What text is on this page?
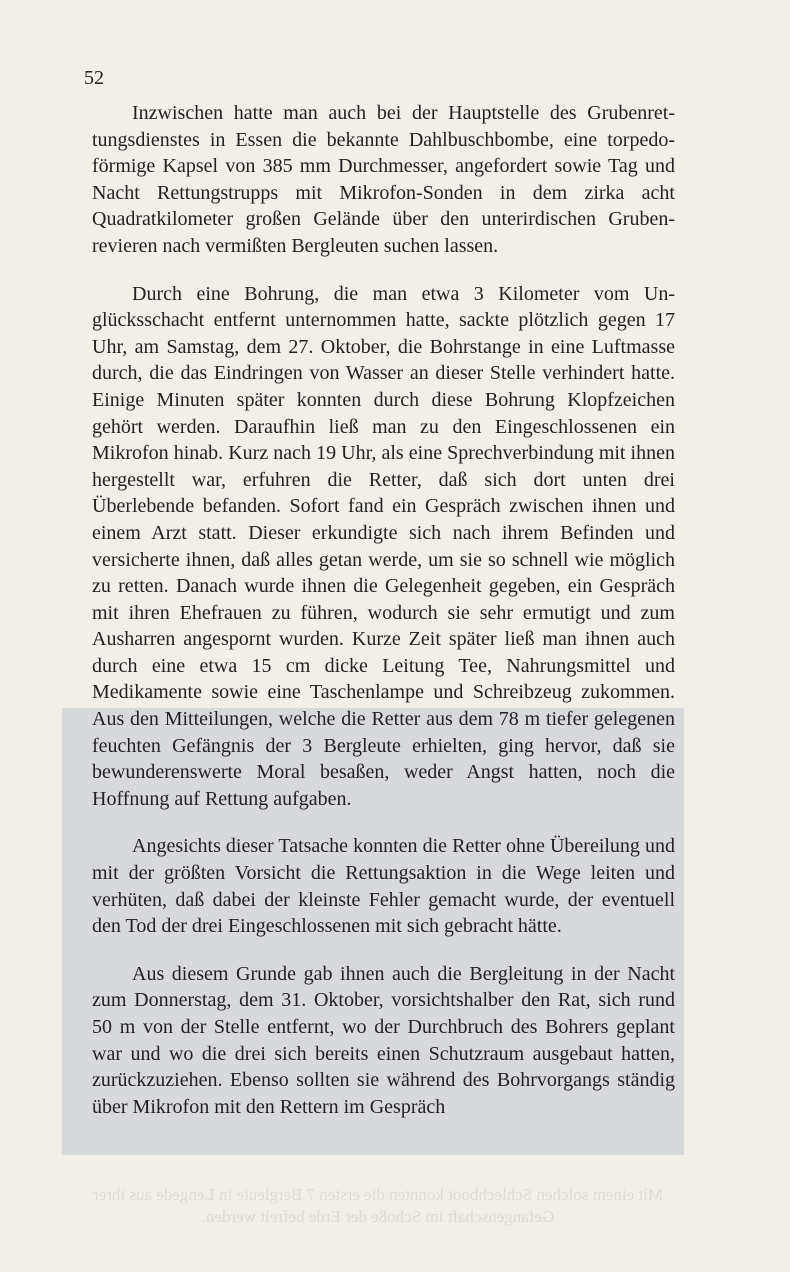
52

Inzwischen hatte man auch bei der Hauptstelle des Grubenrettungsdienstes in Essen die bekannte Dahlbuschbombe, eine torpedoförmige Kapsel von 385 mm Durchmesser, angefordert sowie Tag und Nacht Rettungstrupps mit Mikrofon-Sonden in dem zirka acht Quadratkilometer großen Gelände über den unterirdischen Grubenrevieren nach vermißten Bergleuten suchen lassen.

Durch eine Bohrung, die man etwa 3 Kilometer vom Unglücksschacht entfernt unternommen hatte, sackte plötzlich gegen 17 Uhr, am Samstag, dem 27. Oktober, die Bohrstange in eine Luftmasse durch, die das Eindringen von Wasser an dieser Stelle verhindert hatte. Einige Minuten später konnten durch diese Bohrung Klopfzeichen gehört werden. Daraufhin ließ man zu den Eingeschlossenen ein Mikrofon hinab. Kurz nach 19 Uhr, als eine Sprechverbindung mit ihnen hergestellt war, erfuhren die Retter, daß sich dort unten drei Überlebende befanden. Sofort fand ein Gespräch zwischen ihnen und einem Arzt statt. Dieser erkundigte sich nach ihrem Befinden und versicherte ihnen, daß alles getan werde, um sie so schnell wie möglich zu retten. Danach wurde ihnen die Gelegenheit gegeben, ein Gespräch mit ihren Ehefrauen zu führen, wodurch sie sehr ermutigt und zum Ausharren angespornt wurden. Kurze Zeit später ließ man ihnen auch durch eine etwa 15 cm dicke Leitung Tee, Nahrungsmittel und Medikamente sowie eine Taschenlampe und Schreibzeug zukommen. Aus den Mitteilungen, welche die Retter aus dem 78 m tiefer gelegenen feuchten Gefängnis der 3 Bergleute erhielten, ging hervor, daß sie bewunderenswerte Moral besaßen, weder Angst hatten, noch die Hoffnung auf Rettung aufgaben.

Angesichts dieser Tatsache konnten die Retter ohne Übereilung und mit der größten Vorsicht die Rettungsaktion in die Wege leiten und verhüten, daß dabei der kleinste Fehler gemacht wurde, der eventuell den Tod der drei Eingeschlossenen mit sich gebracht hätte.

Aus diesem Grunde gab ihnen auch die Bergleitung in der Nacht zum Donnerstag, dem 31. Oktober, vorsichtshalber den Rat, sich rund 50 m von der Stelle entfernt, wo der Durchbruch des Bohrers geplant war und wo die drei sich bereits einen Schutzraum ausgebaut hatten, zurückzuziehen. Ebenso sollten sie während des Bohrvorgangs ständig über Mikrofon mit den Rettern im Gespräch

Mit einem solchen Schlechboot konnten die ersten 7 Bergleute in Lengede aus ihrer Gefangenschaft im Schoße der Erde befreit werden.
